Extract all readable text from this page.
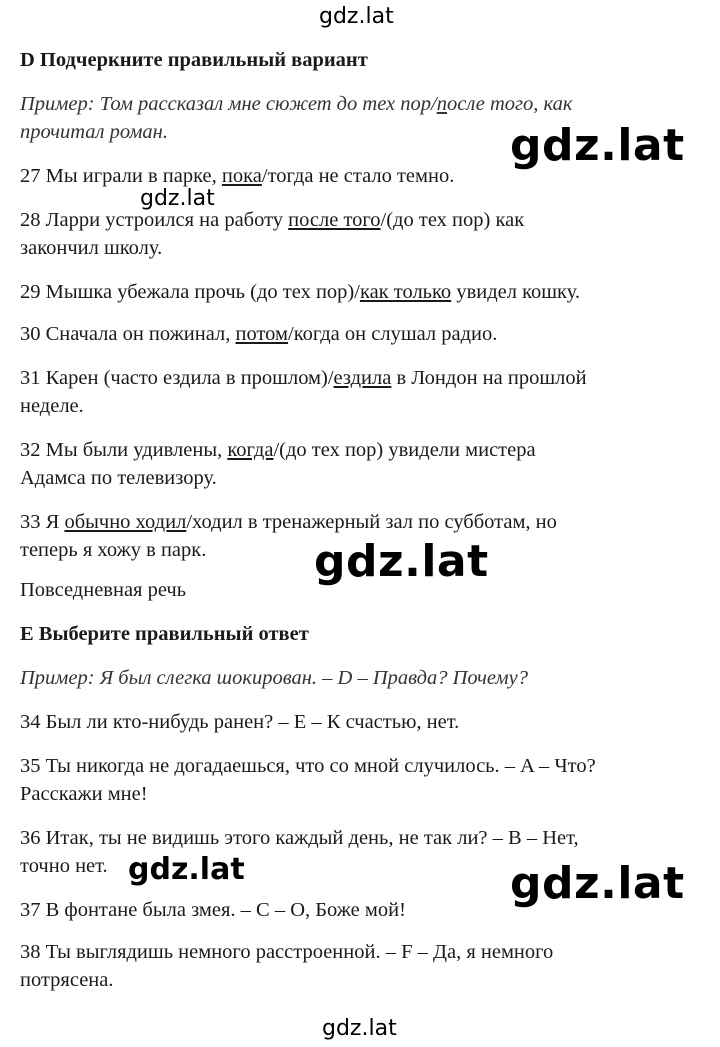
gdz.lat
D Подчеркните правильный вариант
Пример: Том рассказал мне сюжет до тех пор/после того, как
прочитал роман.	gdz.lat
27 Мы играли в парке, пока/тогда не стало темно.
gdz.lat
28 Ларри устроился на работу после того/(до тех пор) как
закончил школу.
29 Мышка убежала прочь (до тех пор)/как только увидел кошку.
30 Сначала он пожинал, потом/когда он слушал радио.
31 Карен (часто ездила в прошлом)/ездила в Лондон на прошлой
неделе.
32 Мы были удивлены, когда/(до тех пор) увидели мистера
Адамса по телевизору.
33 Я обычно ходил/ходил в тренажерный зал по субботам, но
теперь я хожу в парк. gdz.lat
Повседневная речь
E Выберите правильный ответ
Пример: Я был слегка шокирован. – D – Правда? Почему?
34 Был ли кто-нибудь ранен? – E – К счастью, нет.
35 Ты никогда не догадаешься, что со мной случилось. – A – Что?
Расскажи мне!
36 Итак, ты не видишь этого каждый день, не так ли? – B – Нет,
точно нет. gdz.lat	gdz.lat
37 В фонтане была змея. – C – О, Боже мой!
38 Ты выглядишь немного расстроенной. – F – Да, я немного
потрясена.
gdz.lat
